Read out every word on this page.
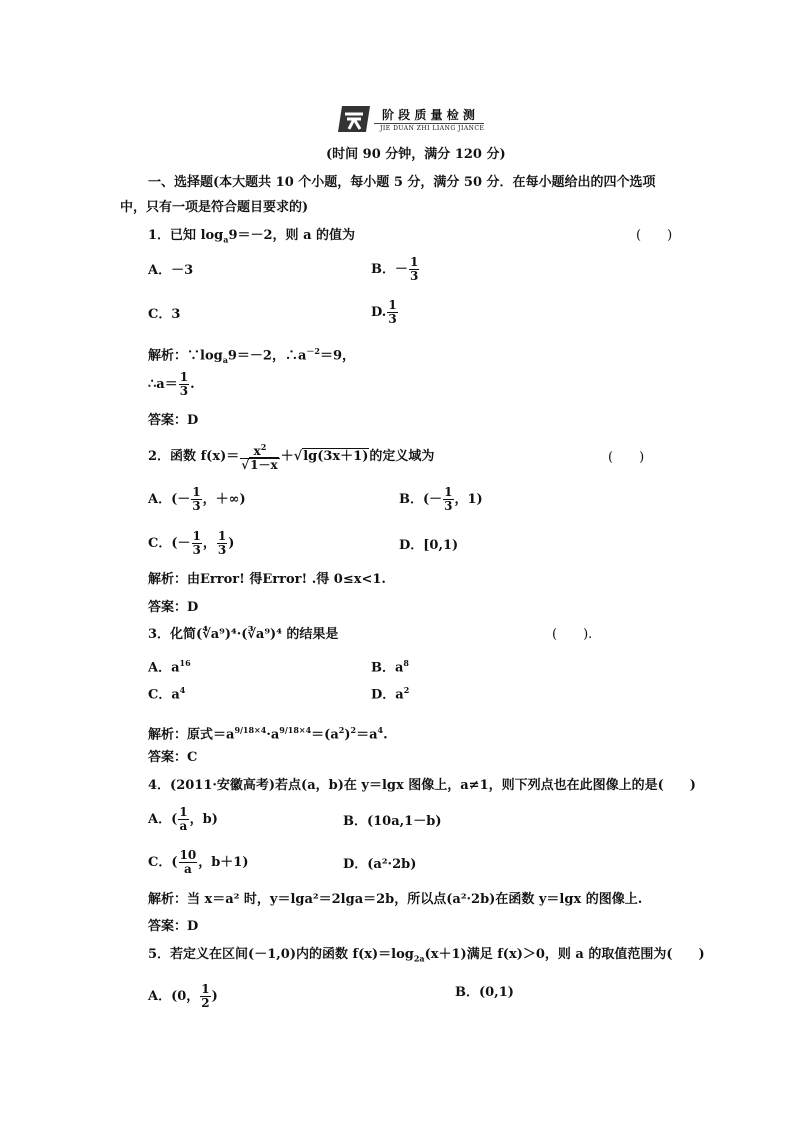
阶 段 质 量 检 测
JIE DUAN ZHI LIANG JIANCE
(时间 90 分钟，满分 120 分)
一、选择题(本大题共 10 个小题，每小题 5 分，满分 50 分．在每小题给出的四个选项
中，只有一项是符合题目要求的)
1．已知 $\log_a9=-2$，则 a 的值为	(　　)
A．－3	B．－ $\frac{1}{3}$
C．3	D. $\frac{1}{3}$
解析：$\because\log_a9=-2$，$\therefore a^{-2}=9$，
∴a＝ $\frac{1}{3}$ .
答案：D
2．函数 $f(x)= \frac{x^2}{√1-x} +√\lg(3x+1)$的定义域为	(　　)
A．(－ $\frac{1}{3}$ ，＋∞)	B．(－ $\frac{1}{3}$ ，1)
C．(－ $\frac{1}{3}$ ， $\frac{1}{3}$ )	D．[0,1)
解析：由Error! 得Error! .得 0≤x<1.
答案：D
3．化简(∜a⁹)⁴·(∛a⁹)⁴ 的结果是	(　　).
A．$a^{16}$	B．$a^8$
C．$a^4$	D．$a^2$
解析：原式$=a^{9/18\times 4}\cdot a^{9/18\times 4}=(a^2)^2=a^4$.
答案：C
4．(2011·安徽高考)若点(a，b)在 y＝lgx 图像上，a≠1，则下列点也在此图像上的是(　　)
A．( $\frac{1}{a}$ ，b)	B．(10a,1－b)
C．( $\frac{10}{a}$ ，b＋1)	D．(a²·2b)
解析：当 x＝a² 时，y＝lga²＝2lga＝2b，所以点(a²·2b)在函数 y＝lgx 的图像上.
答案：D
5．若定义在区间(－1,0)内的函数 $f(x)=\log_{2a}(x+1)$满足 f(x)＞0，则 a 的取值范围为(　　)
A．(0， $\frac{1}{2}$ )	B．(0,1)
